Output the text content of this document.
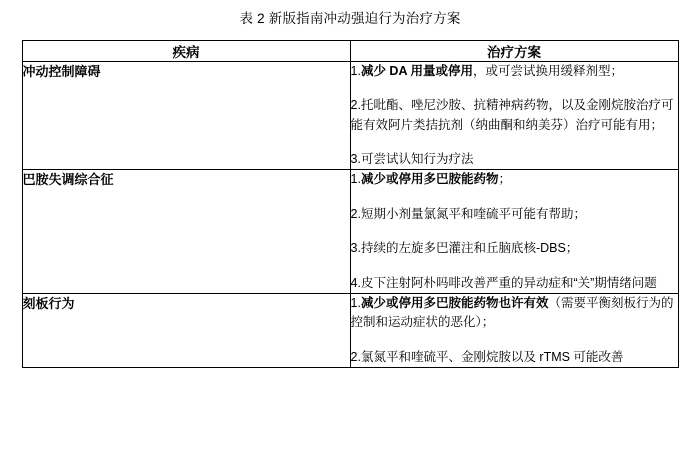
表 2 新版指南冲动强迫行为治疗方案
疾病	治疗方案
冲动控制障碍	1.减少 DA 用量或停用，或可尝试换用缓释剂型；
2.托吡酯、唑尼沙胺、抗精神病药物，以及金刚烷胺治疗可能有效阿片类拮抗剂（纳曲酮和纳美芬）治疗可能有用；
3.可尝试认知行为疗法

巴胺失调综合征	1.减少或停用多巴胺能药物；
2.短期小剂量氯氮平和喹硫平可能有帮助；
3.持续的左旋多巴灌注和丘脑底核-DBS；
4.皮下注射阿朴吗啡改善严重的异动症和“关”期情绪问题

刻板行为	1.减少或停用多巴胺能药物也许有效（需要平衡刻板行为的控制和运动症状的恶化）；
2.氯氮平和喹硫平、金刚烷胺以及 rTMS 可能改善
